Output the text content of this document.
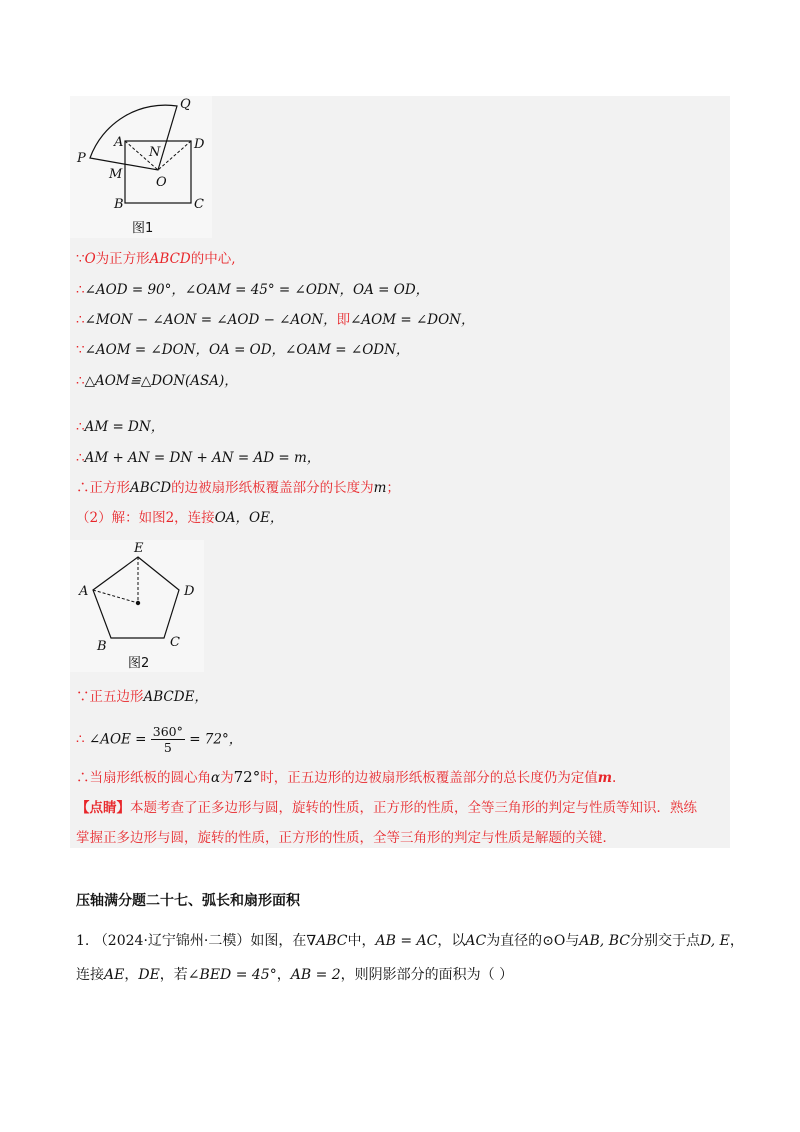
Q
A
N
D
P
M
O
B	C
图1
∵O为正方形ABCD的中心,
∴∠AOD = 90°，∠OAM = 45° = ∠ODN，OA = OD，
∴∠MON − ∠AON = ∠AOD − ∠AON，即∠AOM = ∠DON，
∵∠AOM = ∠DON，OA = OD，∠OAM = ∠ODN，
∴△AOM≌△DON(ASA)，
∴AM = DN，
∴AM + AN = DN + AN = AD = m，
∴正方形ABCD的边被扇形纸板覆盖部分的长度为m；
（2）解：如图2，连接OA，OE，
E
A	D
B	C
图2
∵正五边形ABCDE，
∴ ∠AOE = $\frac{360^\circ}{5} = 72^\circ$，
∴当扇形纸板的圆心角α为72°时，正五边形的边被扇形纸板覆盖部分的总长度仍为定值m.
【点睛】本题考查了正多边形与圆，旋转的性质，正方形的性质，全等三角形的判定与性质等知识．熟练
掌握正多边形与圆，旋转的性质，正方形的性质，全等三角形的判定与性质是解题的关键．
压轴满分题二十七、弧长和扇形面积
1. （2024·辽宁锦州·二模）如图，在∇ABC中，AB = AC，以AC为直径的⊙O与AB, BC分别交于点D, E，
连接AE，DE，若∠BED = 45°，AB = 2，则阴影部分的面积为（ ）
